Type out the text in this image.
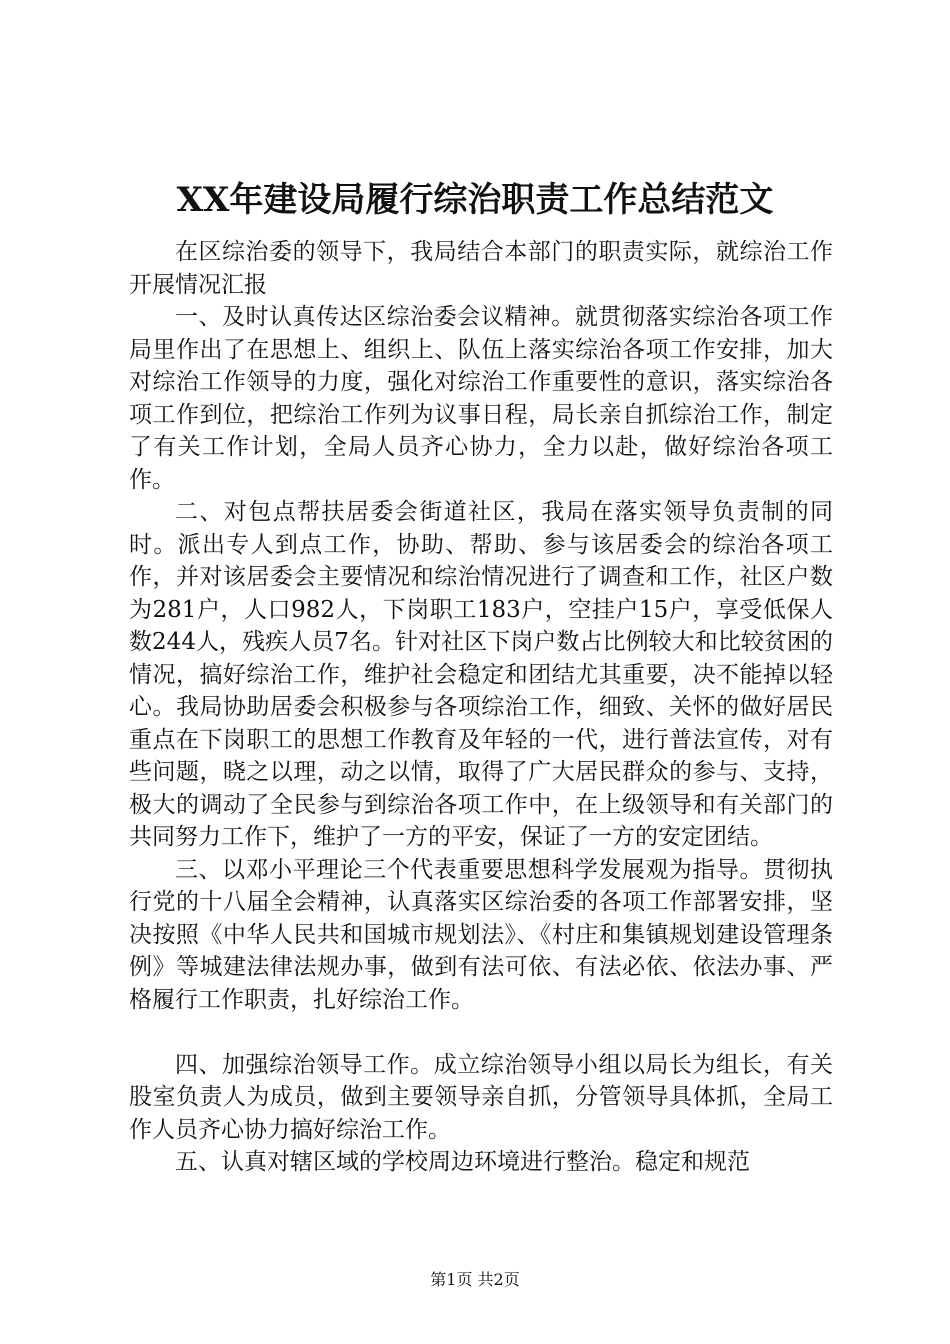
XX年建设局履行综治职责工作总结范文

在区综治委的领导下，我局结合本部门的职责实际，就综治工作开展情况汇报

一、及时认真传达区综治委会议精神。就贯彻落实综治各项工作局里作出了在思想上、组织上、队伍上落实综治各项工作安排，加大对综治工作领导的力度，强化对综治工作重要性的意识，落实综治各项工作到位，把综治工作列为议事日程，局长亲自抓综治工作，制定了有关工作计划，全局人员齐心协力，全力以赴，做好综治各项工作。

二、对包点帮扶居委会街道社区，我局在落实领导负责制的同时。派出专人到点工作，协助、帮助、参与该居委会的综治各项工作，并对该居委会主要情况和综治情况进行了调查和工作，社区户数为281户，人口982人，下岗职工183户，空挂户15户，享受低保人数244人，残疾人员7名。针对社区下岗户数占比例较大和比较贫困的情况，搞好综治工作，维护社会稳定和团结尤其重要，决不能掉以轻心。我局协助居委会积极参与各项综治工作，细致、关怀的做好居民重点在下岗职工的思想工作教育及年轻的一代，进行普法宣传，对有些问题，晓之以理，动之以情，取得了广大居民群众的参与、支持，极大的调动了全民参与到综治各项工作中，在上级领导和有关部门的共同努力工作下，维护了一方的平安，保证了一方的安定团结。

三、以邓小平理论三个代表重要思想科学发展观为指导。贯彻执行党的十八届全会精神，认真落实区综治委的各项工作部署安排，坚决按照《中华人民共和国城市规划法》、《村庄和集镇规划建设管理条例》等城建法律法规办事，做到有法可依、有法必依、依法办事、严格履行工作职责，扎好综治工作。

四、加强综治领导工作。成立综治领导小组以局长为组长，有关股室负责人为成员，做到主要领导亲自抓，分管领导具体抓，全局工作人员齐心协力搞好综治工作。

五、认真对辖区域的学校周边环境进行整治。稳定和规范

第1页 共2页
